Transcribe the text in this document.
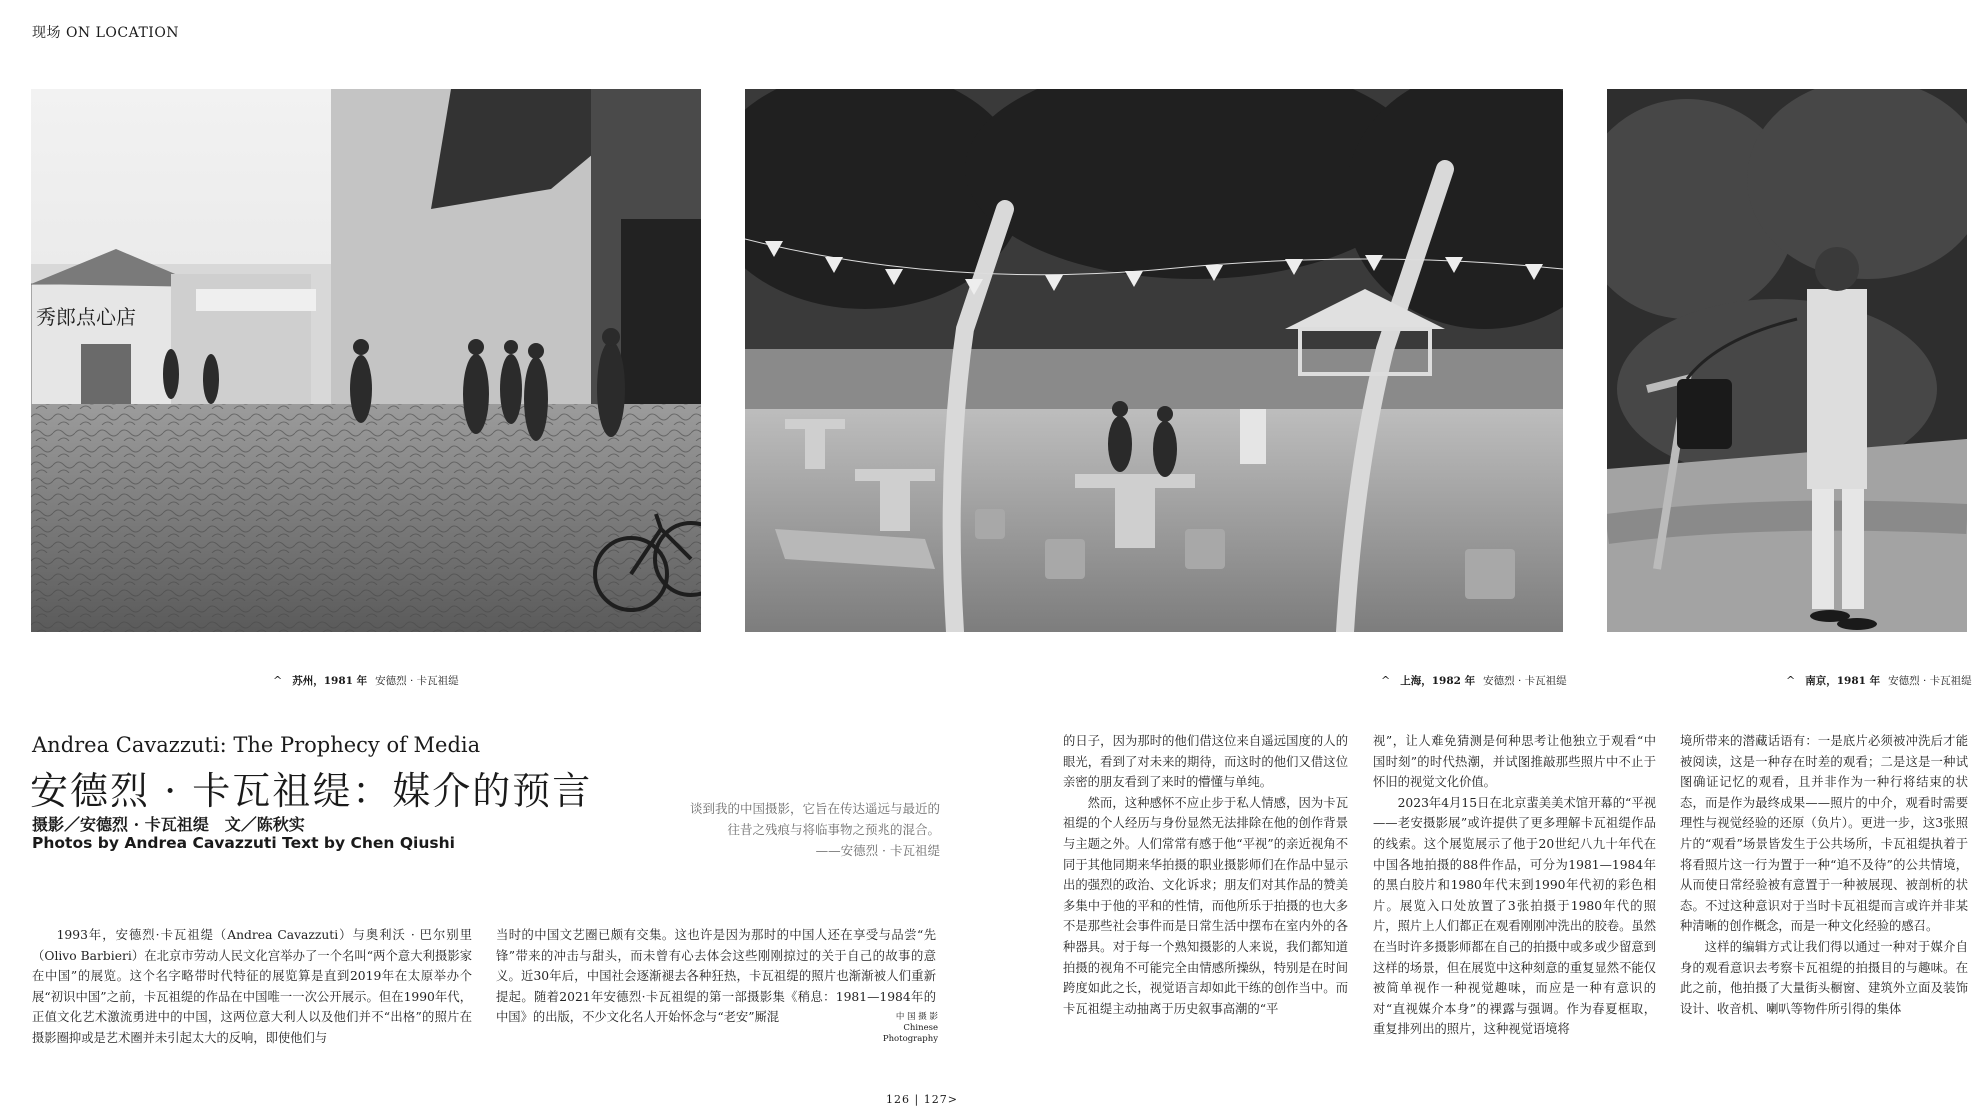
现场 ON LOCATION
秀郎点心店
^ 苏州，1981 年 安德烈 · 卡瓦祖缇	^ 上海，1982 年 安德烈 · 卡瓦祖缇	^ 南京，1981 年 安德烈 · 卡瓦祖缇
Andrea Cavazzuti: The Prophecy of Media
安德烈 · 卡瓦祖缇：媒介的预言
摄影／安德烈 · 卡瓦祖缇　文／陈秋实
Photos by Andrea Cavazzuti Text by Chen Qiushi

谈到我的中国摄影，它旨在传达遥远与最近的

往昔之残痕与将临事物之预兆的混合。

——安德烈 · 卡瓦祖缇

1993年，安德烈·卡瓦祖缇（Andrea Cavazzuti）与奥利沃 · 巴尔别里（Olivo Barbieri）在北京市劳动人民文化宫举办了一个名叫“两个意大利摄影家在中国”的展览。这个名字略带时代特征的展览算是直到2019年在太原举办个展“初识中国”之前，卡瓦祖缇的作品在中国唯一一次公开展示。但在1990年代，正值文化艺术激流勇进中的中国，这两位意大利人以及他们并不“出格”的照片在摄影圈抑或是艺术圈并未引起太大的反响，即使他们与

当时的中国文艺圈已颇有交集。这也许是因为那时的中国人还在享受与品尝“先锋”带来的冲击与甜头，而未曾有心去体会这些刚刚掠过的关于自己的故事的意义。近30年后，中国社会逐渐褪去各种狂热，卡瓦祖缇的照片也渐渐被人们重新提起。随着2021年安德烈·卡瓦祖缇的第一部摄影集《稍息：1981—1984年的中国》的出版，不少文化名人开始怀念与“老安”厮混	中 国 摄 影
Chinese
Photography

的日子，因为那时的他们借这位来自遥远国度的人的眼光，看到了对未来的期待，而这时的他们又借这位亲密的朋友看到了来时的懵懂与单纯。

然而，这种感怀不应止步于私人情感，因为卡瓦祖缇的个人经历与身份显然无法排除在他的创作背景与主题之外。人们常常有感于他“平视”的亲近视角不同于其他同期来华拍摄的职业摄影师们在作品中显示出的强烈的政治、文化诉求；朋友们对其作品的赞美多集中于他的平和的性情，而他所乐于拍摄的也大多不是那些社会事件而是日常生活中摆布在室内外的各种器具。对于每一个熟知摄影的人来说，我们都知道拍摄的视角不可能完全由情感所操纵，特别是在时间跨度如此之长，视觉语言却如此干练的创作当中。而卡瓦祖缇主动抽离于历史叙事高潮的“平

视”，让人难免猜测是何种思考让他独立于观看“中国时刻”的时代热潮，并试图推敲那些照片中不止于怀旧的视觉文化价值。

2023年4月15日在北京蜚美美术馆开幕的“平视——老安摄影展”或许提供了更多理解卡瓦祖缇作品的线索。这个展览展示了他于20世纪八九十年代在中国各地拍摄的88件作品，可分为1981—1984年的黑白胶片和1980年代末到1990年代初的彩色相片。展览入口处放置了3张拍摄于1980年代的照片，照片上人们都正在观看刚刚冲洗出的胶卷。虽然在当时许多摄影师都在自己的拍摄中或多或少留意到这样的场景，但在展览中这种刻意的重复显然不能仅被简单视作一种视觉趣味，而应是一种有意识的对“直视媒介本身”的裸露与强调。作为春夏框取，重复排列出的照片，这种视觉语境将

境所带来的潜藏话语有：一是底片必须被冲洗后才能被阅读，这是一种存在时差的观看；二是这是一种试图确证记忆的观看，且并非作为一种行将结束的状态，而是作为最终成果——照片的中介，观看时需要理性与视觉经验的还原（负片）。更进一步，这3张照片的“观看”场景皆发生于公共场所，卡瓦祖缇执着于将看照片这一行为置于一种“追不及待”的公共情境，从而使日常经验被有意置于一种被展现、被剖析的状态。不过这种意识对于当时卡瓦祖缇而言或许并非某种清晰的创作概念，而是一种文化经验的感召。

这样的编辑方式让我们得以通过一种对于媒介自身的观看意识去考察卡瓦祖缇的拍摄目的与趣味。在此之前，他拍摄了大量街头橱窗、建筑外立面及装饰设计、收音机、喇叭等物件所引得的集体

126 | 127>
